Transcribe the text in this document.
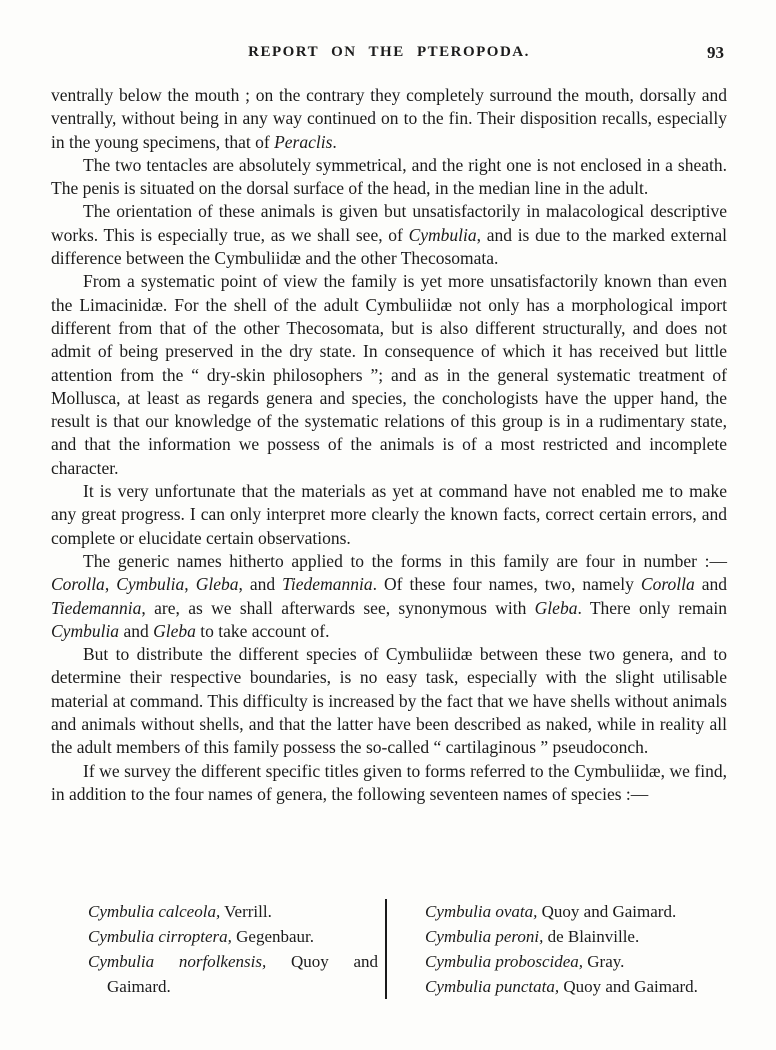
REPORT ON THE PTEROPODA.	93

ventrally below the mouth ; on the contrary they completely surround the mouth, dorsally and ventrally, without being in any way continued on to the fin. Their disposition recalls, especially in the young specimens, that of Peraclis.

The two tentacles are absolutely symmetrical, and the right one is not enclosed in a sheath. The penis is situated on the dorsal surface of the head, in the median line in the adult.

The orientation of these animals is given but unsatisfactorily in malacological descriptive works. This is especially true, as we shall see, of Cymbulia, and is due to the marked external difference between the Cymbuliidæ and the other Thecosomata.

From a systematic point of view the family is yet more unsatisfactorily known than even the Limacinidæ. For the shell of the adult Cymbuliidæ not only has a morphological import different from that of the other Thecosomata, but is also different structurally, and does not admit of being preserved in the dry state. In consequence of which it has received but little attention from the “ dry-skin philosophers ”; and as in the general systematic treatment of Mollusca, at least as regards genera and species, the conchologists have the upper hand, the result is that our knowledge of the systematic relations of this group is in a rudimentary state, and that the information we possess of the animals is of a most restricted and incomplete character.

It is very unfortunate that the materials as yet at command have not enabled me to make any great progress. I can only interpret more clearly the known facts, correct certain errors, and complete or elucidate certain observations.

The generic names hitherto applied to the forms in this family are four in number :— Corolla, Cymbulia, Gleba, and Tiedemannia. Of these four names, two, namely Corolla and Tiedemannia, are, as we shall afterwards see, synonymous with Gleba. There only remain Cymbulia and Gleba to take account of.

But to distribute the different species of Cymbuliidæ between these two genera, and to determine their respective boundaries, is no easy task, especially with the slight utilisable material at command. This difficulty is increased by the fact that we have shells without animals and animals without shells, and that the latter have been described as naked, while in reality all the adult members of this family possess the so-called “ cartilaginous ” pseudoconch.

If we survey the different specific titles given to forms referred to the Cymbuliidæ, we find, in addition to the four names of genera, the following seventeen names of species :—

Cymbulia calceola, Verrill.
Cymbulia cirroptera, Gegenbaur.
Cymbulia norfolkensis, Quoy and Gaimard.
Cymbulia ovata, Quoy and Gaimard.
Cymbulia peroni, de Blainville.
Cymbulia proboscidea, Gray.
Cymbulia punctata, Quoy and Gaimard.
